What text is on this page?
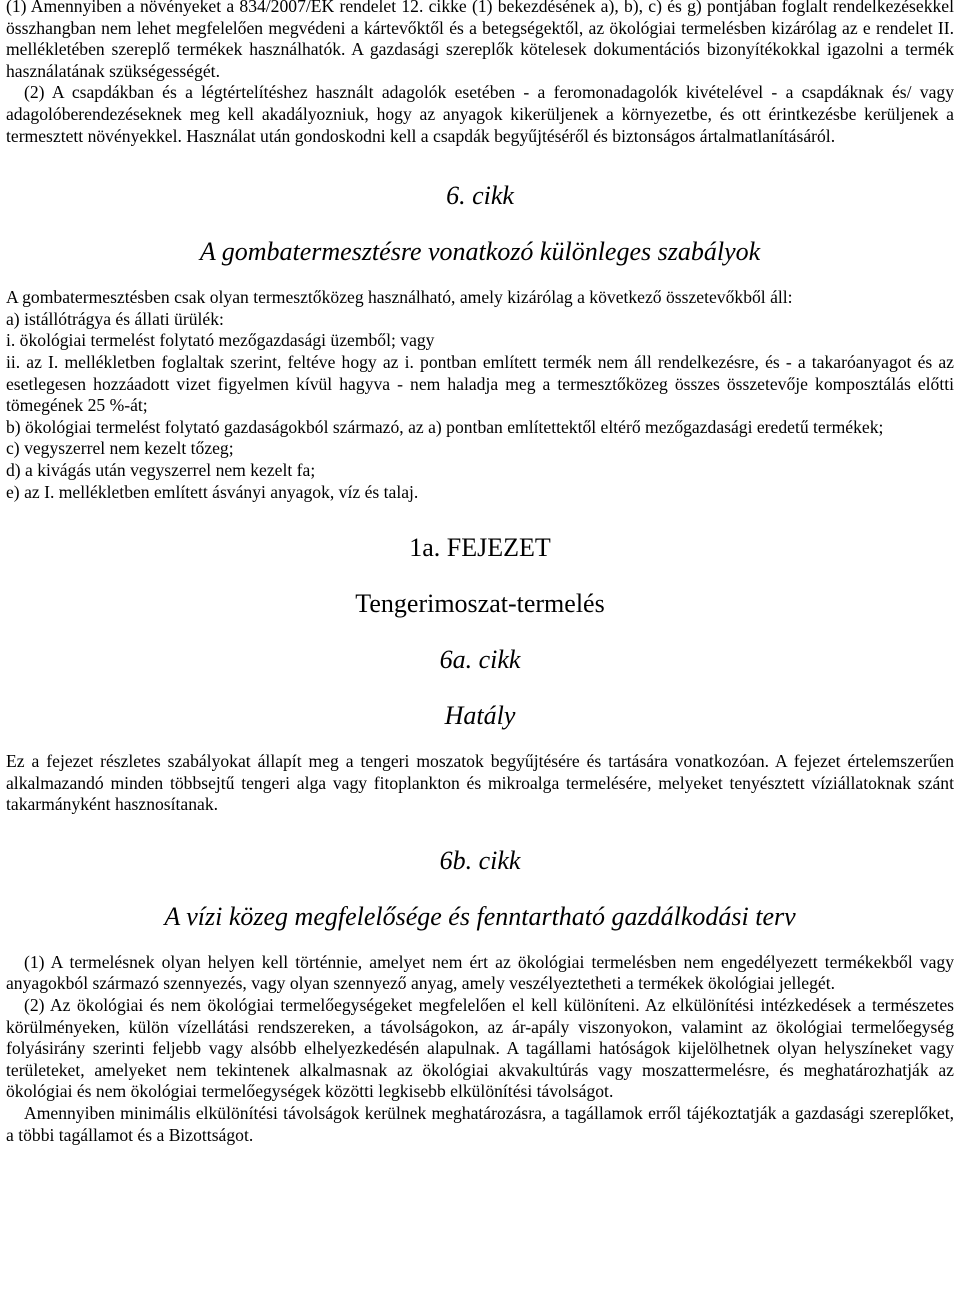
(1) Amennyiben a növényeket a 834/2007/EK rendelet 12. cikke (1) bekezdésének a), b), c) és g) pontjában foglalt rendelkezésekkel összhangban nem lehet megfelelően megvédeni a kártevőktől és a betegségektől, az ökológiai termelésben kizárólag az e rendelet II. mellékletében szereplő termékek használhatók. A gazdasági szereplők kötelesek dokumentációs bizonyítékokkal igazolni a termék használatának szükségességét.

(2) A csapdákban és a légtértelítéshez használt adagolók esetében - a feromonadagolók kivételével - a csapdáknak és/ vagy adagolóberendezéseknek meg kell akadályozniuk, hogy az anyagok kikerüljenek a környezetbe, és ott érintkezésbe kerüljenek a termesztett növényekkel. Használat után gondoskodni kell a csapdák begyűjtéséről és biztonságos ártalmatlanításáról.

6. cikk
A gombatermesztésre vonatkozó különleges szabályok

A gombatermesztésben csak olyan termesztőközeg használható, amely kizárólag a következő összetevőkből áll:

a) istállótrágya és állati ürülék:

i. ökológiai termelést folytató mezőgazdasági üzemből; vagy

ii. az I. mellékletben foglaltak szerint, feltéve hogy az i. pontban említett termék nem áll rendelkezésre, és - a takaróanyagot és az esetlegesen hozzáadott vizet figyelmen kívül hagyva - nem haladja meg a termesztőközeg összes összetevője komposztálás előtti tömegének 25 %-át;

b) ökológiai termelést folytató gazdaságokból származó, az a) pontban említettektől eltérő mezőgazdasági eredetű termékek;

c) vegyszerrel nem kezelt tőzeg;

d) a kivágás után vegyszerrel nem kezelt fa;

e) az I. mellékletben említett ásványi anyagok, víz és talaj.

1a. FEJEZET
Tengerimoszat-termelés
6a. cikk
Hatály

Ez a fejezet részletes szabályokat állapít meg a tengeri moszatok begyűjtésére és tartására vonatkozóan. A fejezet értelemszerűen alkalmazandó minden többsejtű tengeri alga vagy fitoplankton és mikroalga termelésére, melyeket tenyésztett víziállatoknak szánt takarmányként hasznosítanak.

6b. cikk
A vízi közeg megfelelősége és fenntartható gazdálkodási terv

(1) A termelésnek olyan helyen kell történnie, amelyet nem ért az ökológiai termelésben nem engedélyezett termékekből vagy anyagokból származó szennyezés, vagy olyan szennyező anyag, amely veszélyeztetheti a termékek ökológiai jellegét.

(2) Az ökológiai és nem ökológiai termelőegységeket megfelelően el kell különíteni. Az elkülönítési intézkedések a természetes körülményeken, külön vízellátási rendszereken, a távolságokon, az ár-apály viszonyokon, valamint az ökológiai termelőegység folyásirány szerinti feljebb vagy alsóbb elhelyezkedésén alapulnak. A tagállami hatóságok kijelölhetnek olyan helyszíneket vagy területeket, amelyeket nem tekintenek alkalmasnak az ökológiai akvakultúrás vagy moszattermelésre, és meghatározhatják az ökológiai és nem ökológiai termelőegységek közötti legkisebb elkülönítési távolságot.

Amennyiben minimális elkülönítési távolságok kerülnek meghatározásra, a tagállamok erről tájékoztatják a gazdasági szereplőket, a többi tagállamot és a Bizottságot.
